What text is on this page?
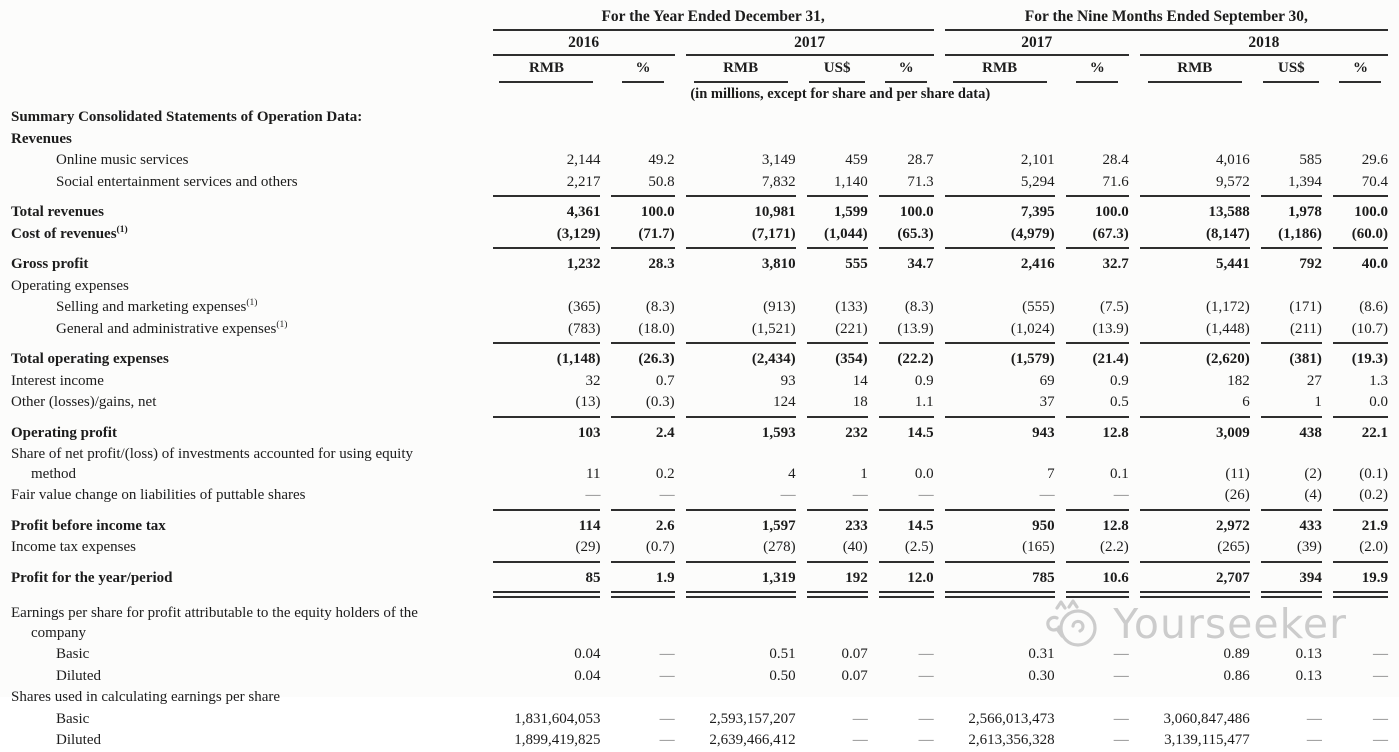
	For the Year Ended December 31,					For the Nine Months Ended September 30,				
	2016		2017			2017		2018		
	RMB	%	RMB	US$	%	RMB	%	RMB	US$	%
	(in millions, except for share and per share data)									

Summary Consolidated Statements of Operation Data:										

Revenues										

Online music services	2,144	49.2	3,149	459	28.7	2,101	28.4	4,016	585	29.6

Social entertainment services and others	2,217	50.8	7,832	1,140	71.3	5,294	71.6	9,572	1,394	70.4

Total revenues	4,361	100.0	10,981	1,599	100.0	7,395	100.0	13,588	1,978	100.0

Cost of revenues$^{(1)}$	(3,129)	(71.7)	(7,171)	(1,044)	(65.3)	(4,979)	(67.3)	(8,147)	(1,186)	(60.0)

Gross profit	1,232	28.3	3,810	555	34.7	2,416	32.7	5,441	792	40.0

Operating expenses										

Selling and marketing expenses$^{(1)}$	(365)	(8.3)	(913)	(133)	(8.3)	(555)	(7.5)	(1,172)	(171)	(8.6)

General and administrative expenses$^{(1)}$	(783)	(18.0)	(1,521)	(221)	(13.9)	(1,024)	(13.9)	(1,448)	(211)	(10.7)

Total operating expenses	(1,148)	(26.3)	(2,434)	(354)	(22.2)	(1,579)	(21.4)	(2,620)	(381)	(19.3)

Interest income	32	0.7	93	14	0.9	69	0.9	182	27	1.3

Other (losses)/gains, net	(13)	(0.3)	124	18	1.1	37	0.5	6	1	0.0

Operating profit	103	2.4	1,593	232	14.5	943	12.8	3,009	438	22.1

Share of net profit/(loss) of investments accounted for using equity
method	11	0.2	4	1	0.0	7	0.1	(11)	(2)	(0.1)

Fair value change on liabilities of puttable shares	—	—	—	—	—	—	—	(26)	(4)	(0.2)

Profit before income tax	114	2.6	1,597	233	14.5	950	12.8	2,972	433	21.9

Income tax expenses	(29)	(0.7)	(278)	(40)	(2.5)	(165)	(2.2)	(265)	(39)	(2.0)

Profit for the year/period	85	1.9	1,319	192	12.0	785	10.6	2,707	394	19.9

Earnings per share for profit attributable to the equity holders of the
company										

Basic	0.04	—	0.51	0.07	—	0.31	—	0.89	0.13	—

Diluted	0.04	—	0.50	0.07	—	0.30	—	0.86	0.13	—

Shares used in calculating earnings per share										

Basic	1,831,604,053	—	2,593,157,207	—	—	2,566,013,473	—	3,060,847,486	—	—

Diluted	1,899,419,825	—	2,639,466,412	—	—	2,613,356,328	—	3,139,115,477	—	—
Yourseeker
